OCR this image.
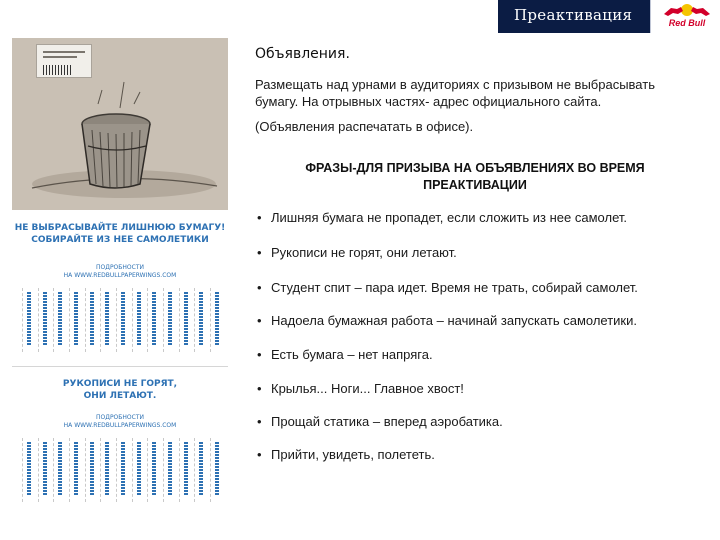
Преактивация	Red Bull
НЕ ВЫБРАСЫВАЙТЕ ЛИШНЮЮ БУМАГУ!
СОБИРАЙТЕ ИЗ НЕЕ САМОЛЕТИКИ
ПОДРОБНОСТИ
НА WWW.REDBULLPAPERWINGS.COM
РУКОПИСИ НЕ ГОРЯТ,
ОНИ ЛЕТАЮТ.
ПОДРОБНОСТИ
НА WWW.REDBULLPAPERWINGS.COM
Объявления.
Размещать над урнами в аудиториях с призывом не выбрасывать бумагу. На отрывных частях- адрес официального сайта.
(Объявления распечатать в офисе).
ФРАЗЫ-ДЛЯ ПРИЗЫВА НА ОБЪЯВЛЕНИЯХ ВО ВРЕМЯ ПРЕАКТИВАЦИИ
• Лишняя бумага не пропадет, если сложить из нее самолет.
• Рукописи не горят, они летают.
• Студент спит – пара идет. Время не трать, собирай самолет.
• Надоела бумажная работа – начинай запускать самолетики.
• Есть бумага – нет напряга.
• Крылья... Ноги... Главное хвост!
• Прощай статика – вперед аэробатика.
• Прийти, увидеть, полететь.
